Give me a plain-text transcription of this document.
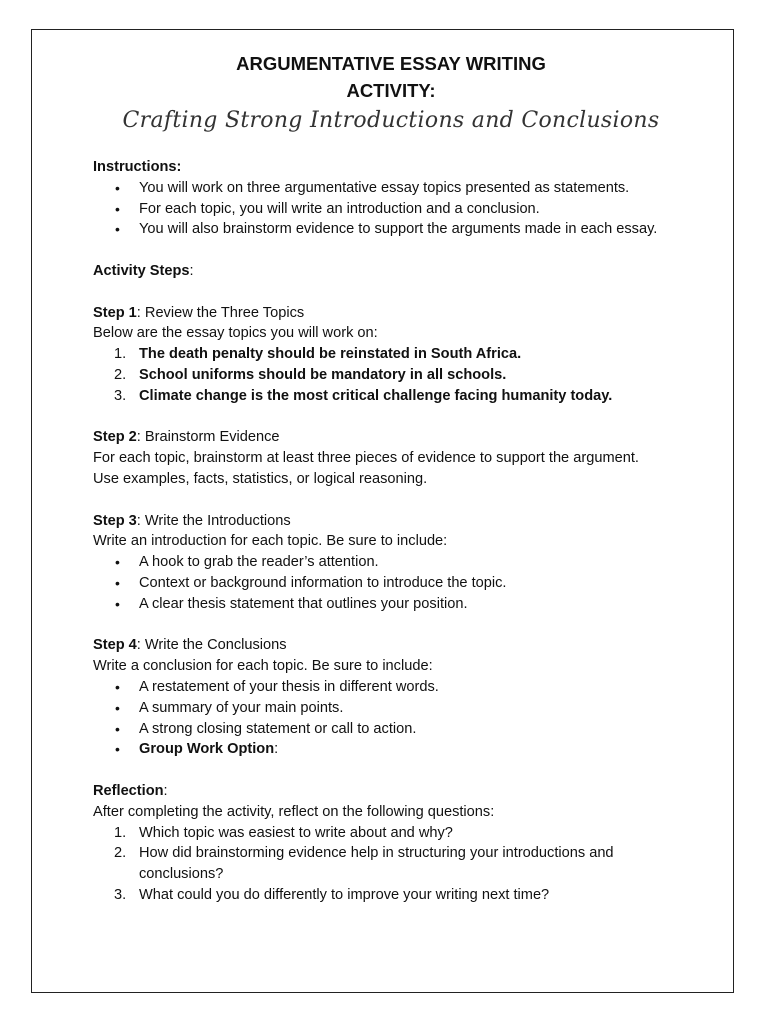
ARGUMENTATIVE ESSAY WRITING
ACTIVITY:
Crafting Strong Introductions and Conclusions
Instructions:
• You will work on three argumentative essay topics presented as statements.
• For each topic, you will write an introduction and a conclusion.
• You will also brainstorm evidence to support the arguments made in each essay.
Activity Steps:
Step 1: Review the Three Topics
Below are the essay topics you will work on:
1. The death penalty should be reinstated in South Africa.
2. School uniforms should be mandatory in all schools.
3. Climate change is the most critical challenge facing humanity today.
Step 2: Brainstorm Evidence
For each topic, brainstorm at least three pieces of evidence to support the argument.
Use examples, facts, statistics, or logical reasoning.
Step 3: Write the Introductions
Write an introduction for each topic. Be sure to include:
• A hook to grab the reader’s attention.
• Context or background information to introduce the topic.
• A clear thesis statement that outlines your position.
Step 4: Write the Conclusions
Write a conclusion for each topic. Be sure to include:
• A restatement of your thesis in different words.
• A summary of your main points.
• A strong closing statement or call to action.
• Group Work Option:
Reflection:
After completing the activity, reflect on the following questions:
1. Which topic was easiest to write about and why?
2. How did brainstorming evidence help in structuring your introductions and
conclusions?
3. What could you do differently to improve your writing next time?
